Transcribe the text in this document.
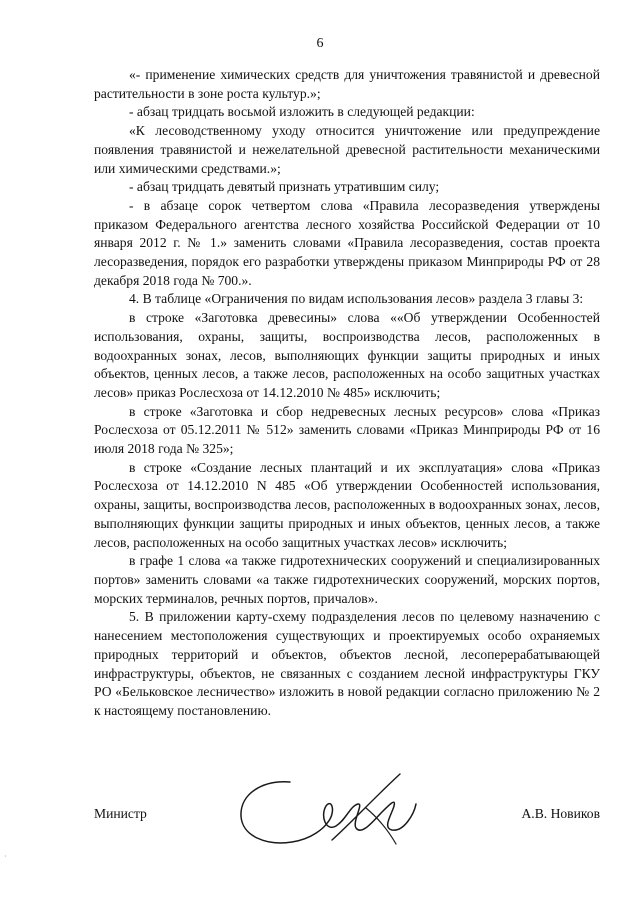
6

«- применение химических средств для уничтожения травянистой и древесной растительности в зоне роста культур.»;

- абзац тридцать восьмой изложить в следующей редакции:

«К лесоводственному уходу относится уничтожение или предупреждение появления травянистой и нежелательной древесной растительности механическими или химическими средствами.»;

- абзац тридцать девятый признать утратившим силу;

- в абзаце сорок четвертом слова «Правила лесоразведения утверждены приказом Федерального агентства лесного хозяйства Российской Федерации от 10 января 2012 г. № 1.» заменить словами «Правила лесоразведения, состав проекта лесоразведения, порядок его разработки утверждены приказом Минприроды РФ от 28 декабря 2018 года № 700.».

4. В таблице «Ограничения по видам использования лесов» раздела 3 главы 3:

в строке «Заготовка древесины» слова ««Об утверждении Особенностей использования, охраны, защиты, воспроизводства лесов, расположенных в водоохранных зонах, лесов, выполняющих функции защиты природных и иных объектов, ценных лесов, а также лесов, расположенных на особо защитных участках лесов» приказ Рослесхоза от 14.12.2010 № 485» исключить;

в строке «Заготовка и сбор недревесных лесных ресурсов» слова «Приказ Рослесхоза от 05.12.2011 № 512» заменить словами «Приказ Минприроды РФ от 16 июля 2018 года № 325»;

в строке «Создание лесных плантаций и их эксплуатация» слова «Приказ Рослесхоза от 14.12.2010 N 485 «Об утверждении Особенностей использования, охраны, защиты, воспроизводства лесов, расположенных в водоохранных зонах, лесов, выполняющих функции защиты природных и иных объектов, ценных лесов, а также лесов, расположенных на особо защитных участках лесов» исключить;

в графе 1 слова «а также гидротехнических сооружений и специализированных портов» заменить словами «а также гидротехнических сооружений, морских портов, морских терминалов, речных портов, причалов».

5. В приложении карту-схему подразделения лесов по целевому назначению с нанесением местоположения существующих и проектируемых особо охраняемых природных территорий и объектов, объектов лесной, лесоперерабатывающей инфраструктуры, объектов, не связанных с созданием лесной инфраструктуры ГКУ РО «Бельковское лесничество» изложить в новой редакции согласно приложению № 2 к настоящему постановлению.

Министр	А.В. Новиков
·
